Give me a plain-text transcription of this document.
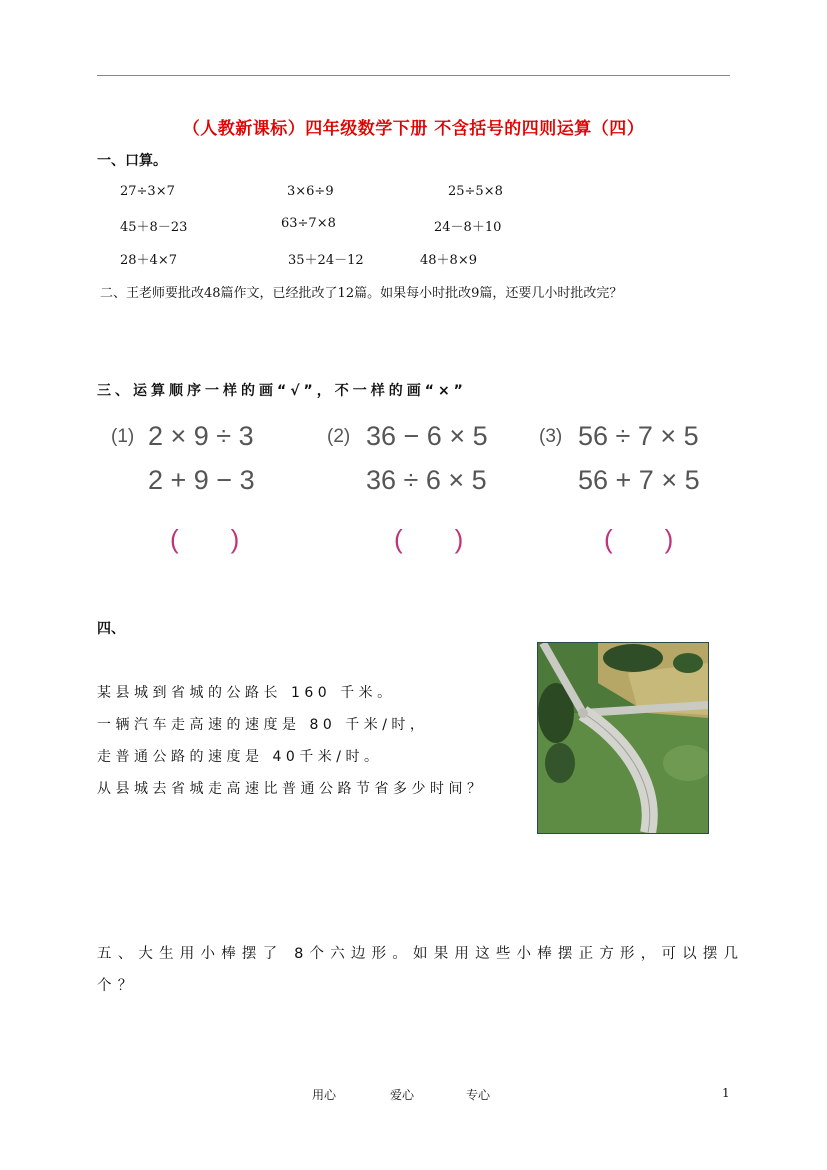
（人教新课标）四年级数学下册 不含括号的四则运算（四）
一、口算。
27÷3×7	3×6÷9	25÷5×8
45＋8－23	63÷7×8	24－8＋10
28＋4×7	35＋24－12	48＋8×9
二、王老师要批改48篇作文，已经批改了12篇。如果每小时批改9篇，还要几小时批改完？
三、运算顺序一样的画“√”，不一样的画“×”
(1) 2 × 9 ÷ 3
2 + 9 − 3
(　　)
(2) 36 − 6 × 5
36 ÷ 6 × 5
(　　)
(3) 56 ÷ 7 × 5
56 + 7 × 5
(　　)
四、
某县城到省城的公路长 160 千米。
一辆汽车走高速的速度是 80 千米/时，
走普通公路的速度是 40千米/时。
从县城去省城走高速比普通公路节省多少时间？
五、大生用小棒摆了 8个六边形。如果用这些小棒摆正方形，可以摆几
个？
用心	爱心	专心	1
